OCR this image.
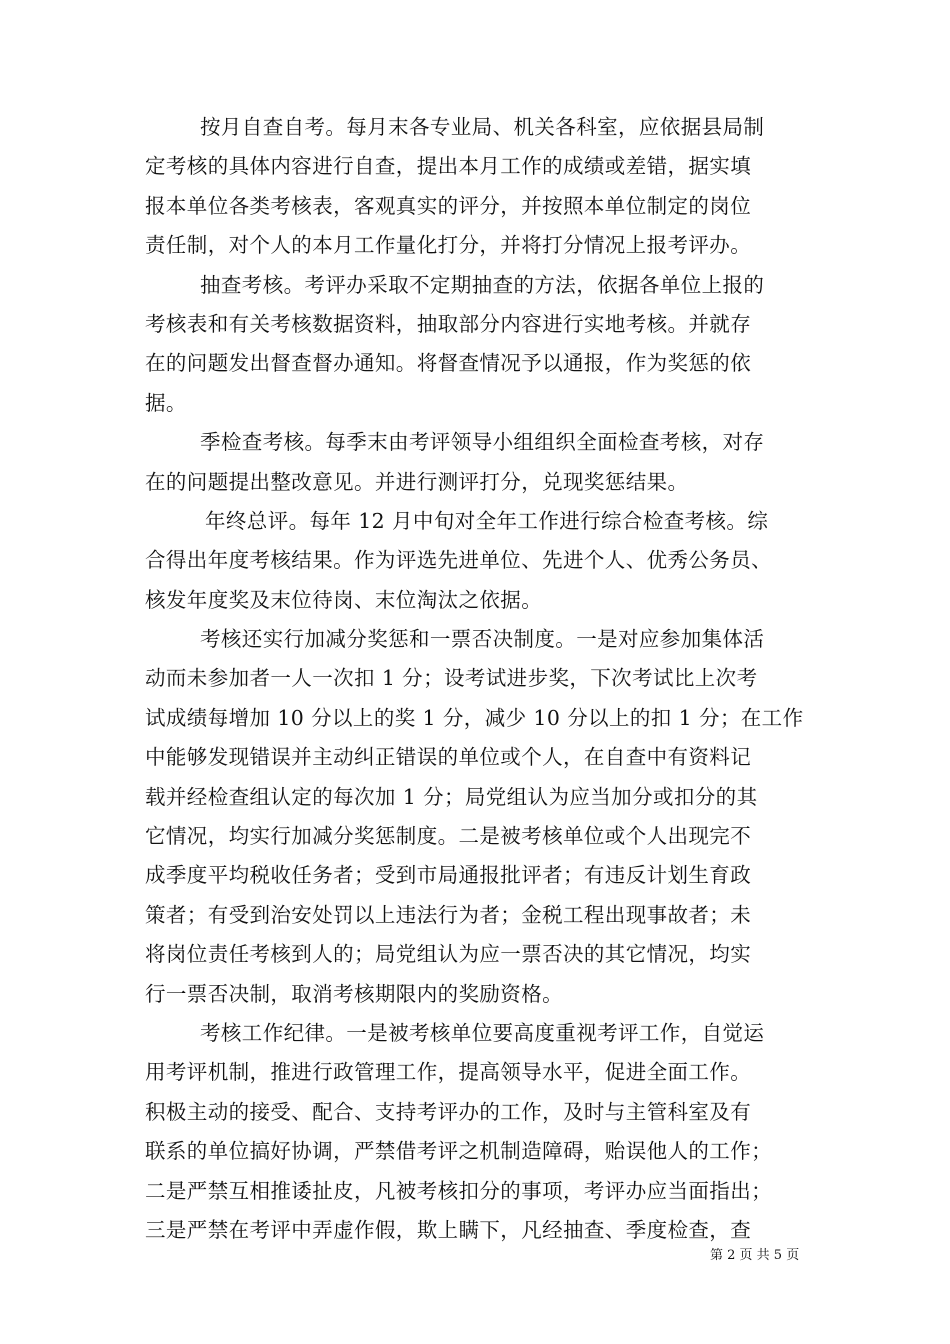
按月自查自考。每月末各专业局、机关各科室，应依据县局制
定考核的具体内容进行自查，提出本月工作的成绩或差错，据实填
报本单位各类考核表，客观真实的评分，并按照本单位制定的岗位
责任制，对个人的本月工作量化打分，并将打分情况上报考评办。
抽查考核。考评办采取不定期抽查的方法，依据各单位上报的
考核表和有关考核数据资料，抽取部分内容进行实地考核。并就存
在的问题发出督查督办通知。将督查情况予以通报，作为奖惩的依
据。
季检查考核。每季末由考评领导小组组织全面检查考核，对存
在的问题提出整改意见。并进行测评打分，兑现奖惩结果。
年终总评。每年 12 月中旬对全年工作进行综合检查考核。综
合得出年度考核结果。作为评选先进单位、先进个人、优秀公务员、
核发年度奖及末位待岗、末位淘汰之依据。
考核还实行加减分奖惩和一票否决制度。一是对应参加集体活
动而未参加者一人一次扣 1 分；设考试进步奖，下次考试比上次考
试成绩每增加 10 分以上的奖 1 分，减少 10 分以上的扣 1 分；在工作
中能够发现错误并主动纠正错误的单位或个人，在自查中有资料记
载并经检查组认定的每次加 1 分；局党组认为应当加分或扣分的其
它情况，均实行加减分奖惩制度。二是被考核单位或个人出现完不
成季度平均税收任务者；受到市局通报批评者；有违反计划生育政
策者；有受到治安处罚以上违法行为者；金税工程出现事故者；未
将岗位责任考核到人的；局党组认为应一票否决的其它情况，均实
行一票否决制，取消考核期限内的奖励资格。
考核工作纪律。一是被考核单位要高度重视考评工作，自觉运
用考评机制，推进行政管理工作，提高领导水平，促进全面工作。
积极主动的接受、配合、支持考评办的工作，及时与主管科室及有
联系的单位搞好协调，严禁借考评之机制造障碍，贻误他人的工作；
二是严禁互相推诿扯皮，凡被考核扣分的事项，考评办应当面指出；
三是严禁在考评中弄虚作假，欺上瞒下，凡经抽查、季度检查，查
第 2 页 共 5 页
